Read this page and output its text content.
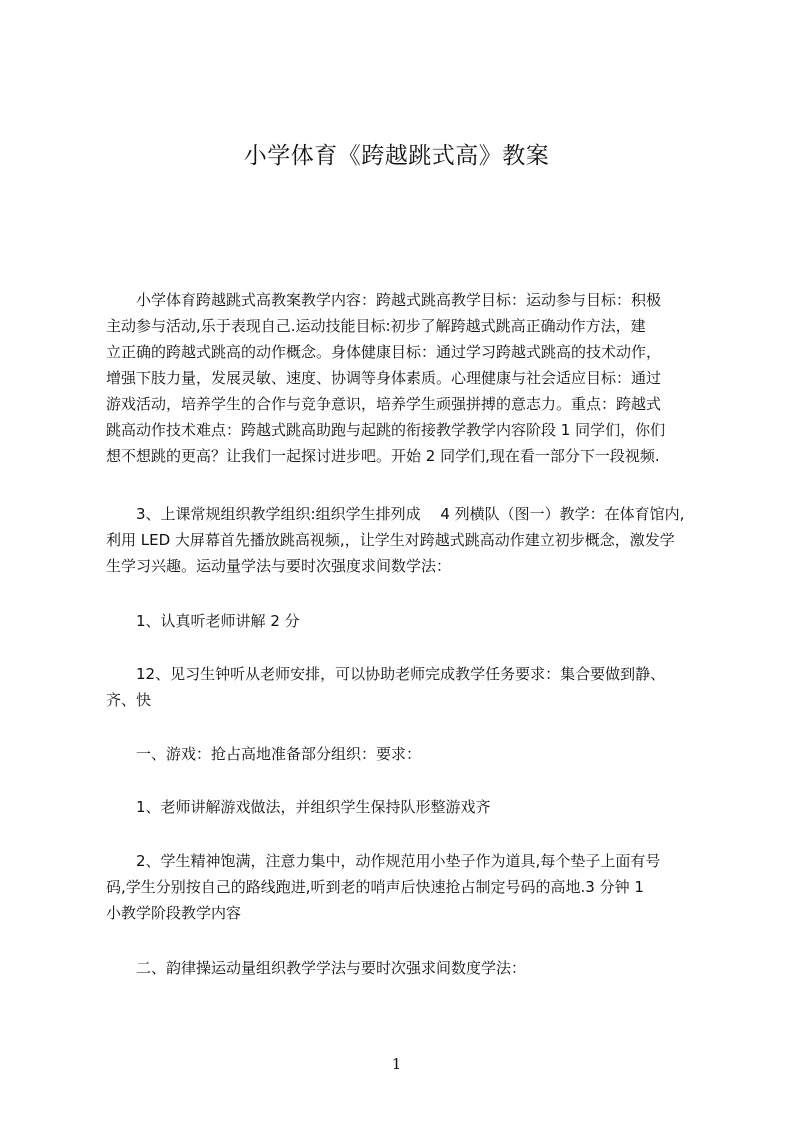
小学体育《跨越跳式高》教案
　　小学体育跨越跳式高教案教学内容：跨越式跳高教学目标：运动参与目标：积极
主动参与活动,乐于表现自己.运动技能目标:初步了解跨越式跳高正确动作方法，建
立正确的跨越式跳高的动作概念。身体健康目标：通过学习跨越式跳高的技术动作，
增强下肢力量，发展灵敏、速度、协调等身体素质。心理健康与社会适应目标：通过
游戏活动，培养学生的合作与竞争意识，培养学生顽强拼搏的意志力。重点：跨越式
跳高动作技术难点：跨越式跳高助跑与起跳的衔接教学教学内容阶段 1 同学们，你们
想不想跳的更高？让我们一起探讨进步吧。开始 2 同学们,现在看一部分下一段视频.
　　3、上课常规组织教学组织:组织学生排列成　 4 列横队（图一）教学：在体育馆内,
利用 LED 大屏幕首先播放跳高视频,，让学生对跨越式跳高动作建立初步概念，激发学
生学习兴趣。运动量学法与要时次强度求间数学法：
　　1、认真听老师讲解 2 分
　　12、见习生钟听从老师安排，可以协助老师完成教学任务要求：集合要做到静、
齐、快
　　一、游戏：抢占高地准备部分组织：要求：
　　1、老师讲解游戏做法，并组织学生保持队形整游戏齐
　　2、学生精神饱满，注意力集中，动作规范用小垫子作为道具,每个垫子上面有号
码,学生分别按自己的路线跑进,听到老的哨声后快速抢占制定号码的高地.3 分钟 1
小教学阶段教学内容
　　二、韵律操运动量组织教学学法与要时次强求间数度学法：
1
